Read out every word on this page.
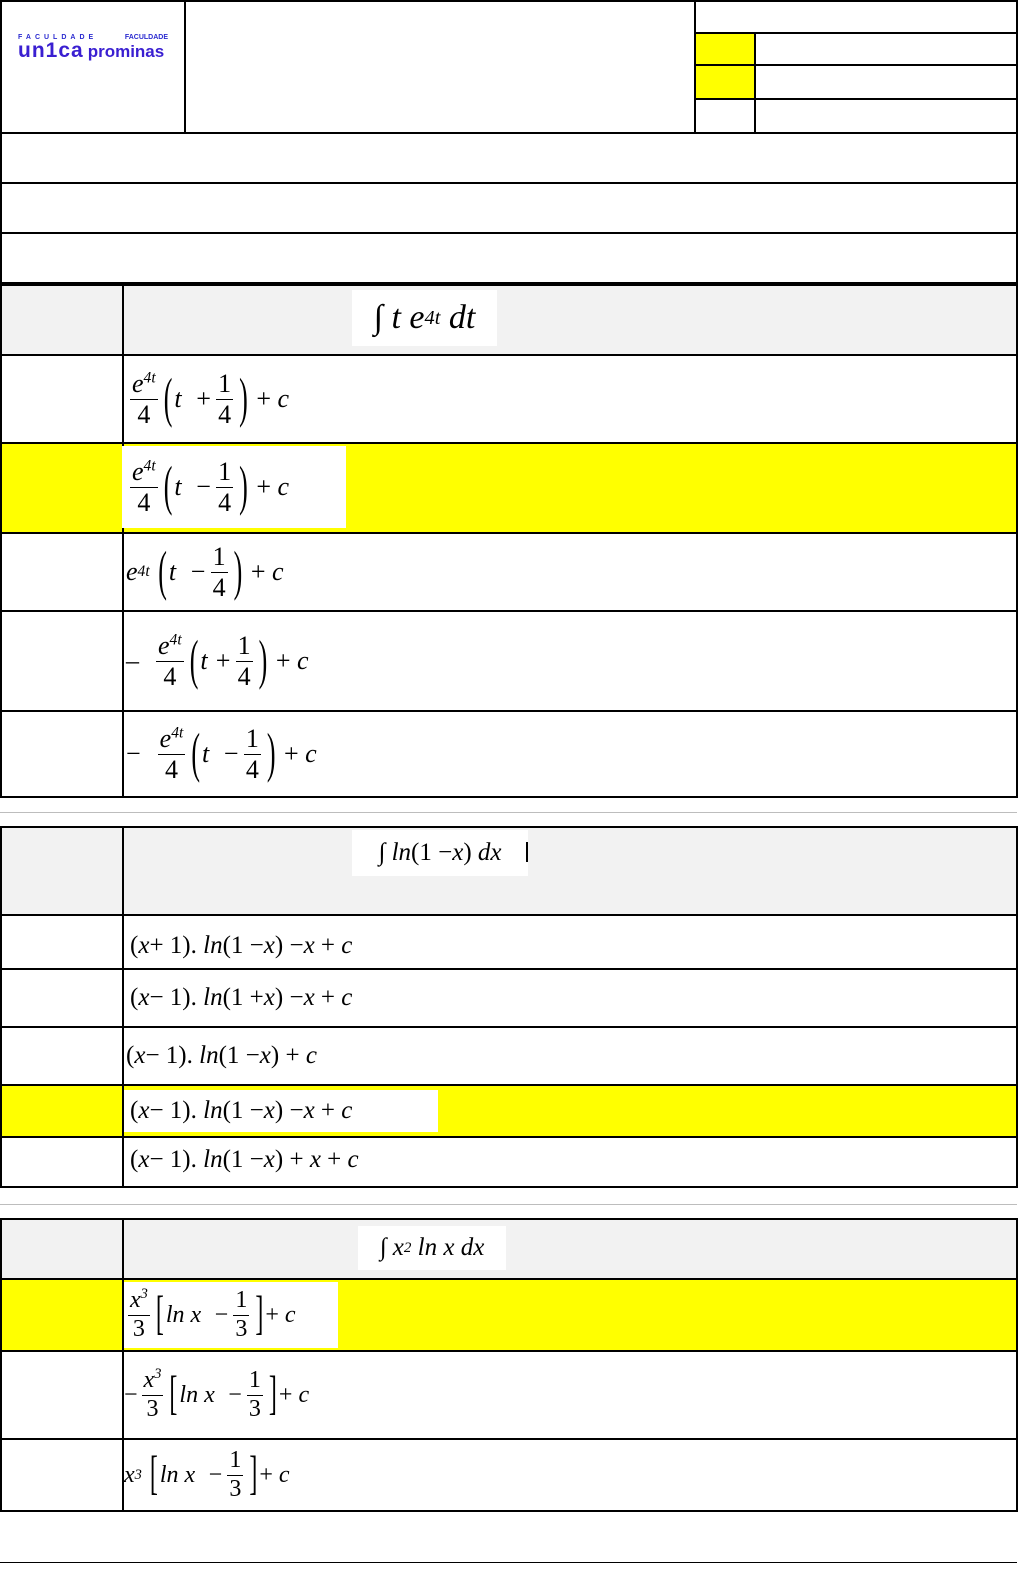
FACULDADE	FACULDADE
un1ca prominas
∫ t e 4t dt
$\frac{e^{4t}}{4}$ ( $t + \frac{1}{4}$ )
+ c
$\frac{e^{4t}}{4}$ ( $t - \frac{1}{4}$ )
+ c
e 4t
( $t - \frac{1}{4}$ )
+ c
–
$\frac{e^{4t}}{4}$ ( $t + \frac{1}{4}$ )
+ c
−
$\frac{e^{4t}}{4}$ ( $t - \frac{1}{4}$ )
+ c
∫ ln (1 − x ) dx
( x + 1). ln (1 − x ) − x + c
( x − 1). ln (1 + x ) − x + c
( x − 1). ln (1 − x ) + c
( x − 1). ln (1 − x ) − x + c
( x − 1). ln (1 − x ) + x + c
∫ x 2 ln x dx
$\frac{x^3}{3}$ [ $\ln x - \frac{1}{3}$ ] + c
− $\frac{x^3}{3}$ [ $\ln x - \frac{1}{3}$ ] + c
x 3
[ $\ln x - \frac{1}{3}$ ] + c
